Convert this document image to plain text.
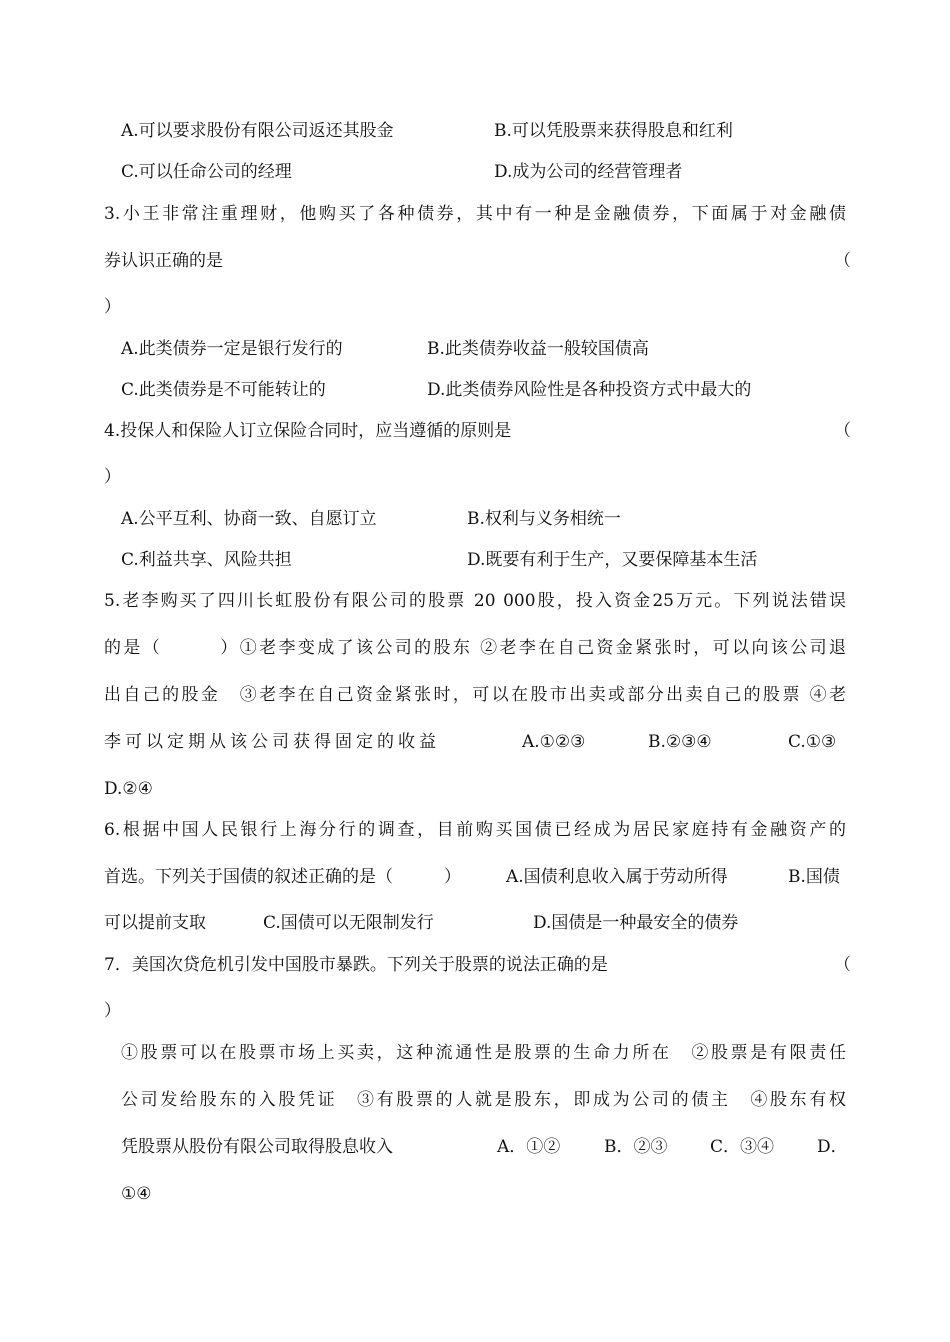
A.可以要求股份有限公司返还其股金	B.可以凭股票来获得股息和红利
C.可以任命公司的经理	D.成为公司的经营管理者
3.小王非常注重理财，他购买了各种债券，其中有一种是金融债券，下面属于对金融债
券认识正确的是	（
）
A.此类债券一定是银行发行的	B.此类债券收益一般较国债高
C.此类债券是不可能转让的	D.此类债券风险性是各种投资方式中最大的
4.投保人和保险人订立保险合同时，应当遵循的原则是	（
）
A.公平互利、协商一致、自愿订立	B.权利与义务相统一
C.利益共享、风险共担	D.既要有利于生产，又要保障基本生活
5.老李购买了四川长虹股份有限公司的股票 20 000股，投入资金25万元。下列说法错误
的是（　　　）①老李变成了该公司的股东 ②老李在自己资金紧张时，可以向该公司退
出自己的股金　③老李在自己资金紧张时，可以在股市出卖或部分出卖自己的股票 ④老
李可以定期从该公司获得固定的收益	A.①②③	B.②③④	C.①③
D.②④
6.根据中国人民银行上海分行的调查，目前购买国债已经成为居民家庭持有金融资产的
首选。下列关于国债的叙述正确的是（　　　）	A.国债利息收入属于劳动所得	B.国债
可以提前支取	C.国债可以无限制发行	D.国债是一种最安全的债券
7．美国次贷危机引发中国股市暴跌。下列关于股票的说法正确的是	（
）
①股票可以在股票市场上买卖，这种流通性是股票的生命力所在　②股票是有限责任
公司发给股东的入股凭证　③有股票的人就是股东，即成为公司的债主　④股东有权
凭股票从股份有限公司取得股息收入	A．①②	B．②③	C．③④	D．
①④
